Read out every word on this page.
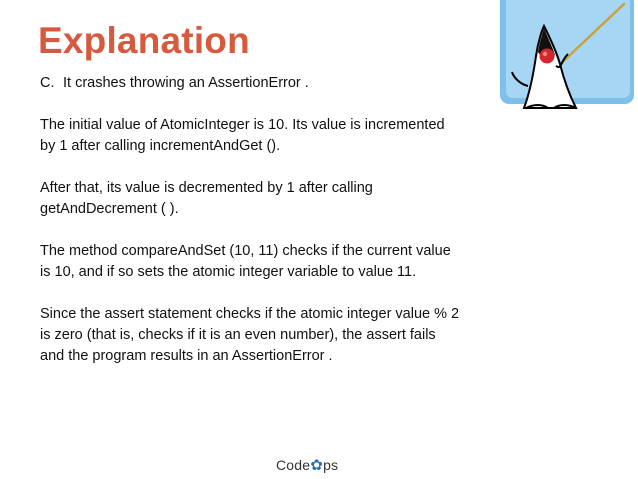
Explanation

C. It crashes throwing an AssertionError .

The initial value of AtomicInteger is 10. Its value is incremented by 1 after calling incrementAndGet ().

After that, its value is decremented by 1 after calling getAndDecrement ( ).

The method compareAndSet (10, 11) checks if the current value is 10, and if so sets the atomic integer variable to value 11.

Since the assert statement checks if the atomic integer value % 2 is zero (that is, checks if it is an even number), the assert fails and the program results in an AssertionError .

Code ✿ ps
